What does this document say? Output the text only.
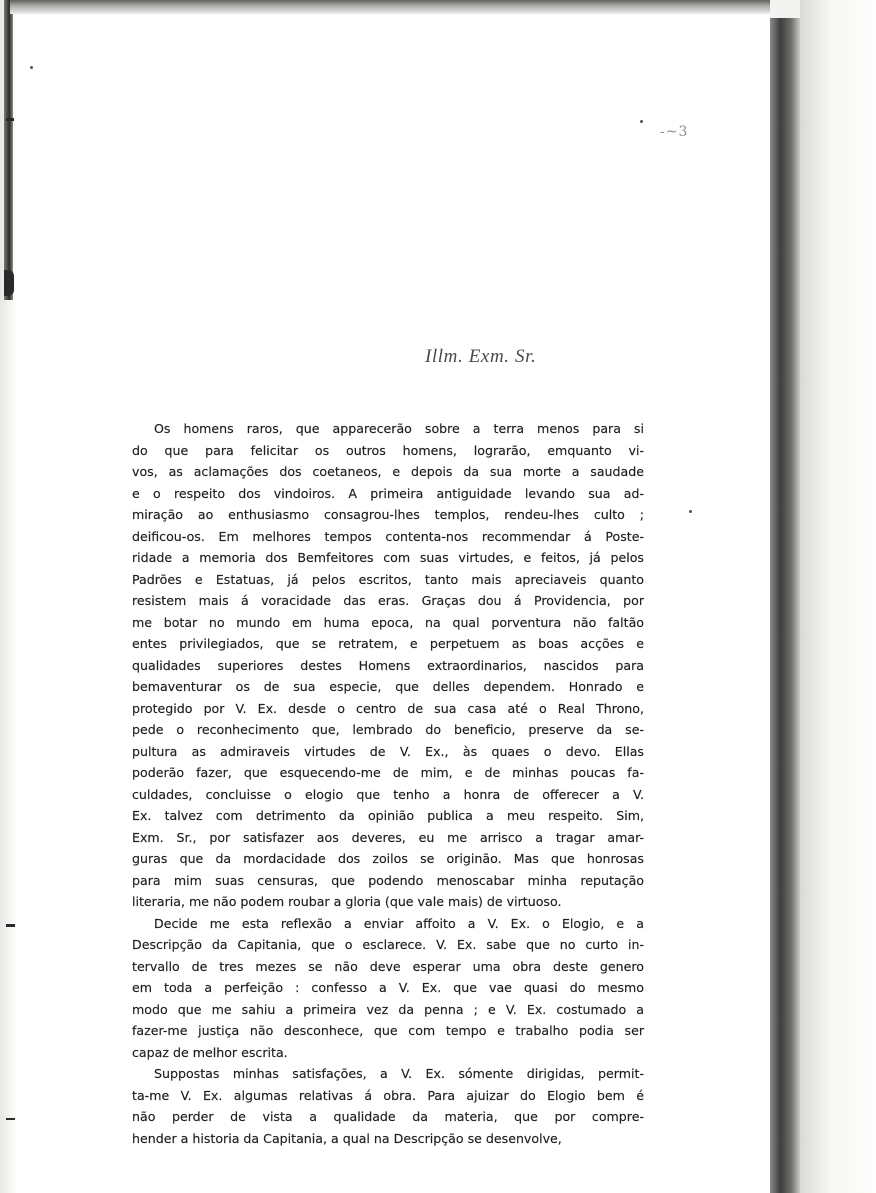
-~3
Illm. Exm. Sr.

Os homens raros, que apparecerão sobre a terra menos para si
do que para felicitar os outros homens, lograrão, emquanto vi-
vos, as aclamações dos coetaneos, e depois da sua morte a saudade
e o respeito dos vindoiros. A primeira antiguidade levando sua ad-
miração ao enthusiasmo consagrou-lhes templos, rendeu-lhes culto ;
deificou-os. Em melhores tempos contenta-nos recommendar á Poste-
ridade a memoria dos Bemfeitores com suas virtudes, e feitos, já pelos
Padrões e Estatuas, já pelos escritos, tanto mais apreciaveis quanto
resistem mais á voracidade das eras. Graças dou á Providencia, por
me botar no mundo em huma epoca, na qual porventura não faltão
entes privilegiados, que se retratem, e perpetuem as boas acções e
qualidades superiores destes Homens extraordinarios, nascidos para
bemaventurar os de sua especie, que delles dependem. Honrado e
protegido por V. Ex. desde o centro de sua casa até o Real Throno,
pede o reconhecimento que, lembrado do beneficio, preserve da se-
pultura as admiraveis virtudes de V. Ex., às quaes o devo. Ellas
poderão fazer, que esquecendo-me de mim, e de minhas poucas fa-
culdades, concluisse o elogio que tenho a honra de offerecer a V.
Ex. talvez com detrimento da opinião publica a meu respeito. Sim,
Exm. Sr., por satisfazer aos deveres, eu me arrisco a tragar amar-
guras que da mordacidade dos zoilos se originão. Mas que honrosas
para mim suas censuras, que podendo menoscabar minha reputação
literaria, me não podem roubar a gloria (que vale mais) de virtuoso.

Decide me esta reflexão a enviar affoito a V. Ex. o Elogio, e a
Descripção da Capitania, que o esclarece. V. Ex. sabe que no curto in-
tervallo de tres mezes se não deve esperar uma obra deste genero
em toda a perfeição : confesso a V. Ex. que vae quasi do mesmo
modo que me sahiu a primeira vez da penna ; e V. Ex. costumado a
fazer-me justiça não desconhece, que com tempo e trabalho podia ser
capaz de melhor escrita.

Suppostas minhas satisfações, a V. Ex. sómente dirigidas, permit-
ta-me V. Ex. algumas relativas á obra. Para ajuizar do Elogio bem é
não perder de vista a qualidade da materia, que por compre-
hender a historia da Capitania, a qual na Descripção se desenvolve,
